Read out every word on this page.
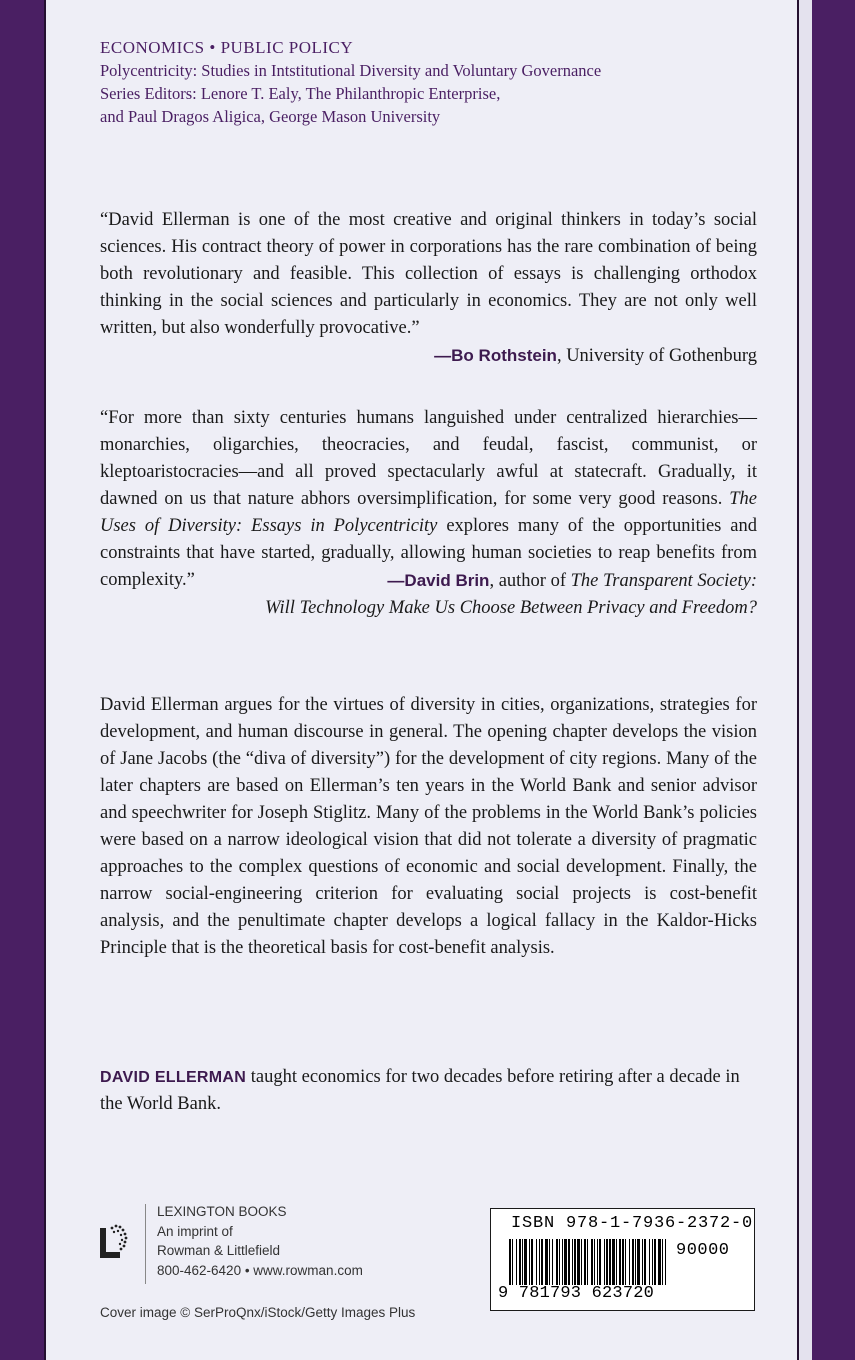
ECONOMICS • PUBLIC POLICY
Polycentricity: Studies in Intstitutional Diversity and Voluntary Governance
Series Editors: Lenore T. Ealy, The Philanthropic Enterprise,
and Paul Dragos Aligica, George Mason University
“David Ellerman is one of the most creative and original thinkers in today’s social sciences. His contract theory of power in corporations has the rare combination of being both revolutionary and feasible. This collection of essays is challenging orthodox thinking in the social sciences and particularly in economics. They are not only well written, but also wonderfully provocative.”
—Bo Rothstein, University of Gothenburg
“For more than sixty centuries humans languished under centralized hierarchies—monarchies, oligarchies, theocracies, and feudal, fascist, communist, or kleptoaristocracies—and all proved spectacularly awful at statecraft. Gradually, it dawned on us that nature abhors oversimplification, for some very good reasons. The Uses of Diversity: Essays in Polycentricity explores many of the opportunities and constraints that have started, gradually, allowing human societies to reap benefits from complexity.”	—David Brin, author of The Transparent Society:
Will Technology Make Us Choose Between Privacy and Freedom?
David Ellerman argues for the virtues of diversity in cities, organizations, strategies for development, and human discourse in general. The opening chapter develops the vision of Jane Jacobs (the “diva of diversity”) for the development of city regions. Many of the later chapters are based on Ellerman’s ten years in the World Bank and senior advisor and speechwriter for Joseph Stiglitz. Many of the problems in the World Bank’s policies were based on a narrow ideological vision that did not tolerate a diversity of pragmatic approaches to the complex questions of economic and social development. Finally, the narrow social-engineering criterion for evaluating social projects is cost-benefit analysis, and the penultimate chapter develops a logical fallacy in the Kaldor-Hicks Principle that is the theoretical basis for cost-benefit analysis.
DAVID ELLERMAN taught economics for two decades before retiring after a decade in the World Bank.
LEXINGTON BOOKS
An imprint of
Rowman & Littlefield
800-462-6420 • www.rowman.com
Cover image © SerProQnx/iStock/Getty Images Plus
ISBN 978-1-7936-2372-0
90000
9 781793 623720
